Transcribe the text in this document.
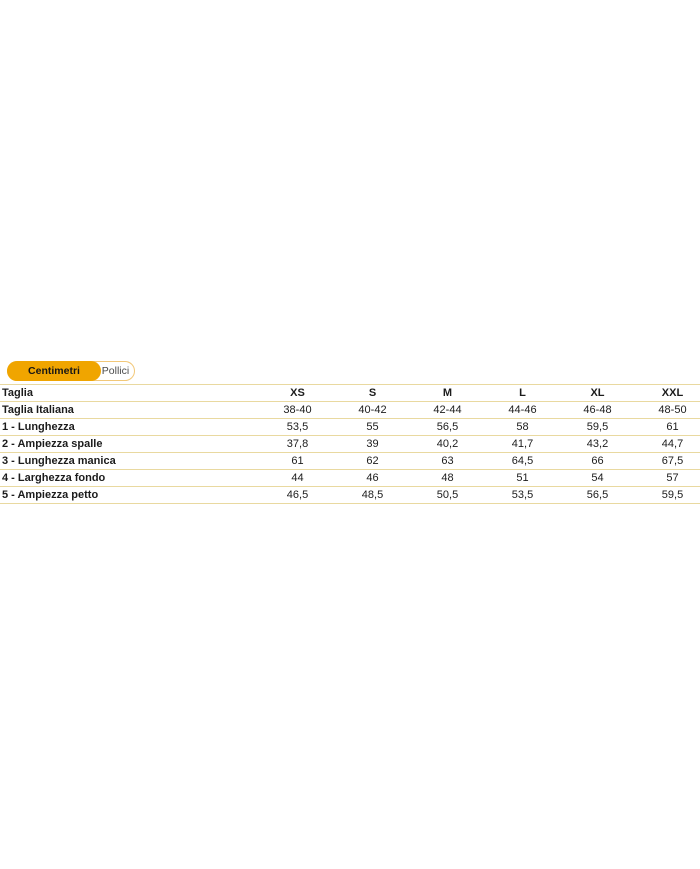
Centimetri	Pollici
Taglia	XS	S	M	L	XL	XXL
Taglia Italiana	38-40	40-42	42-44	44-46	46-48	48-50
1 - Lunghezza	53,5	55	56,5	58	59,5	61
2 - Ampiezza spalle	37,8	39	40,2	41,7	43,2	44,7
3 - Lunghezza manica	61	62	63	64,5	66	67,5
4 - Larghezza fondo	44	46	48	51	54	57
5 - Ampiezza petto	46,5	48,5	50,5	53,5	56,5	59,5
